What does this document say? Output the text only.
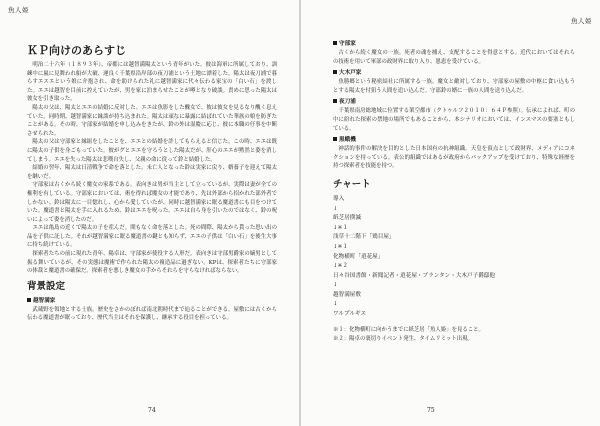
魚人姫
ＫＰ向けのあらすじ

明治二十六年（１８９３年）、帝都には越智満陽太という青年がいた。彼は海軍に所属しており、訓練中に嵐に見舞われ船が大破、運良く千葉県沿岸部の夜刀浦という土地に漂着した。陽太は夜刀浦で暮らすエスエという娘に介抱され、命を助けられた礼に越智満家に代々伝わる家宝の「白い石」を渡した。エエは越智を目前に控えていたが、男を家に泊まらせたことが噂となり破談。責めに思った陽太は彼女を引き取った。

陽太の父は、陽太とエエの結婚に反対した。エエは魚影をした醜女で、彼は彼女を見るなり醜く息えていた。同時期、越智満家に縁談が持ち込まれた。陽太は頑なに暴露に結ばれていた華族の娘を防ぎたことがある。その時、守部家が結婚を申し込みをきたが、鈴の外は湿慶に応じ、彼に本職の仔事を中断させられた。

陽太の父は守部家と縁組をしたことを、エエとの結婚を許してもらえると信じた。この時、エエは既に陽太の子供を身ごもっていた。彼がグとエエを守ろうとした陽太だが、肝心のエエが黙然と姿を消してしまう。エエを失った陽太は悲嘆自失し、父親の命に従って鈴と結婚した。

結婚の翌年、陽太は日清戦争で命を落とした。未亡人となった鈴は実家に戻り、婿養子を迎えて陽太を継いだ。

守部家は古くから続く魔女の家系である。表向きは男が当主として立っているが、実際は妻が全ての権利を有している。守部家においては、術を得れば魔女の才能であり、先は外部から招かれた部外者でしかない。鈴は陽太に一目惚れし、心から愛していたが、同時に越智満家に眠る魔道書にも目をつけていた。魔道書と陽太を手に入れるため、鈴はエエを呪った。エエは自ら身を引いたのではなく、鈴の呪いによって姿を消したのだ。

エエは亀島の近くで陽太の子を産んだ。間もなく命を落とした。死の間際、陽太から貰った思い出の品を子供に託した。それが越智満家に眠る魔道書の鍵とも知らず、エエの子供は「白い石」を後生大事に持ち続けている。

探索者たちの前に現れた青年、陽卓は、守部家が使役する人形だ。表向きは守部男爵家の嫡男として振る舞いているが、その実態は魔術で作られた陽太の複造品に過ぎない。KPは、探索者たちに守部家の体裁と魔道書の確保だ。探索者を悪しき魔女の手からそれらを守らなければならない。

背景設定
越智満家

武蔵野を領地とする士族。歴史をさかのぼれば南北朝時代まで辿ることができる。屋敷には古くから伝わる魔道書が眠っており、歴代当主はそれを保護し、継承する役目を担っている。

74
魚人姫
守部家

古くから続く魔女の一族。死者の魂を捕え、支配することを得意とする。近代においてはそれらの技術を用いて軍部の政財界に取り入り、恩恵を受けている。

大木戸家

魚勝郷という秘密結社に所属する一族。魔女と敵対しており、守部家の屋敷の中枢に食い込もうとする陽太を付狙う人間を追い込んだ。守部鈴の婿に一族の人間を送り込んだ。

夜刀浦

千葉県南房総地域に位置する架空都市（クトゥルフ２０１０：６４Ｐ参照）。伝承によれば、町の中に紛れた探索の禁地の場所でもあることから、本シナリオにおいては、インスマスの要塞ともしている。

黒蛾機

神話的事件の解決を目的とした日本国有の抗神組織。天皇を頂点として政財界、メディアにコネクションを持っている。表公的組織ではあるが政府からバックアップを受けており、特殊な経歴を持つ探索者を技能を持つ。

チャート
導入
↓
紙芝居撲滅
↓※１
浅草十二階下「鶏目屋」
↓※１
化物横町「逍花屋」
↓※２
日々谷国書館・新聞記者・逍花屋・ブランタン・大木戸子爵邸他
↓
越智満屋敷
↓
ワルプルギス

※１：化物横町に向かうまでに紙芝居「魚人姫」を見ること。

※２：陽卓の裏切りイベント発生、タイムリミット出現。

75
